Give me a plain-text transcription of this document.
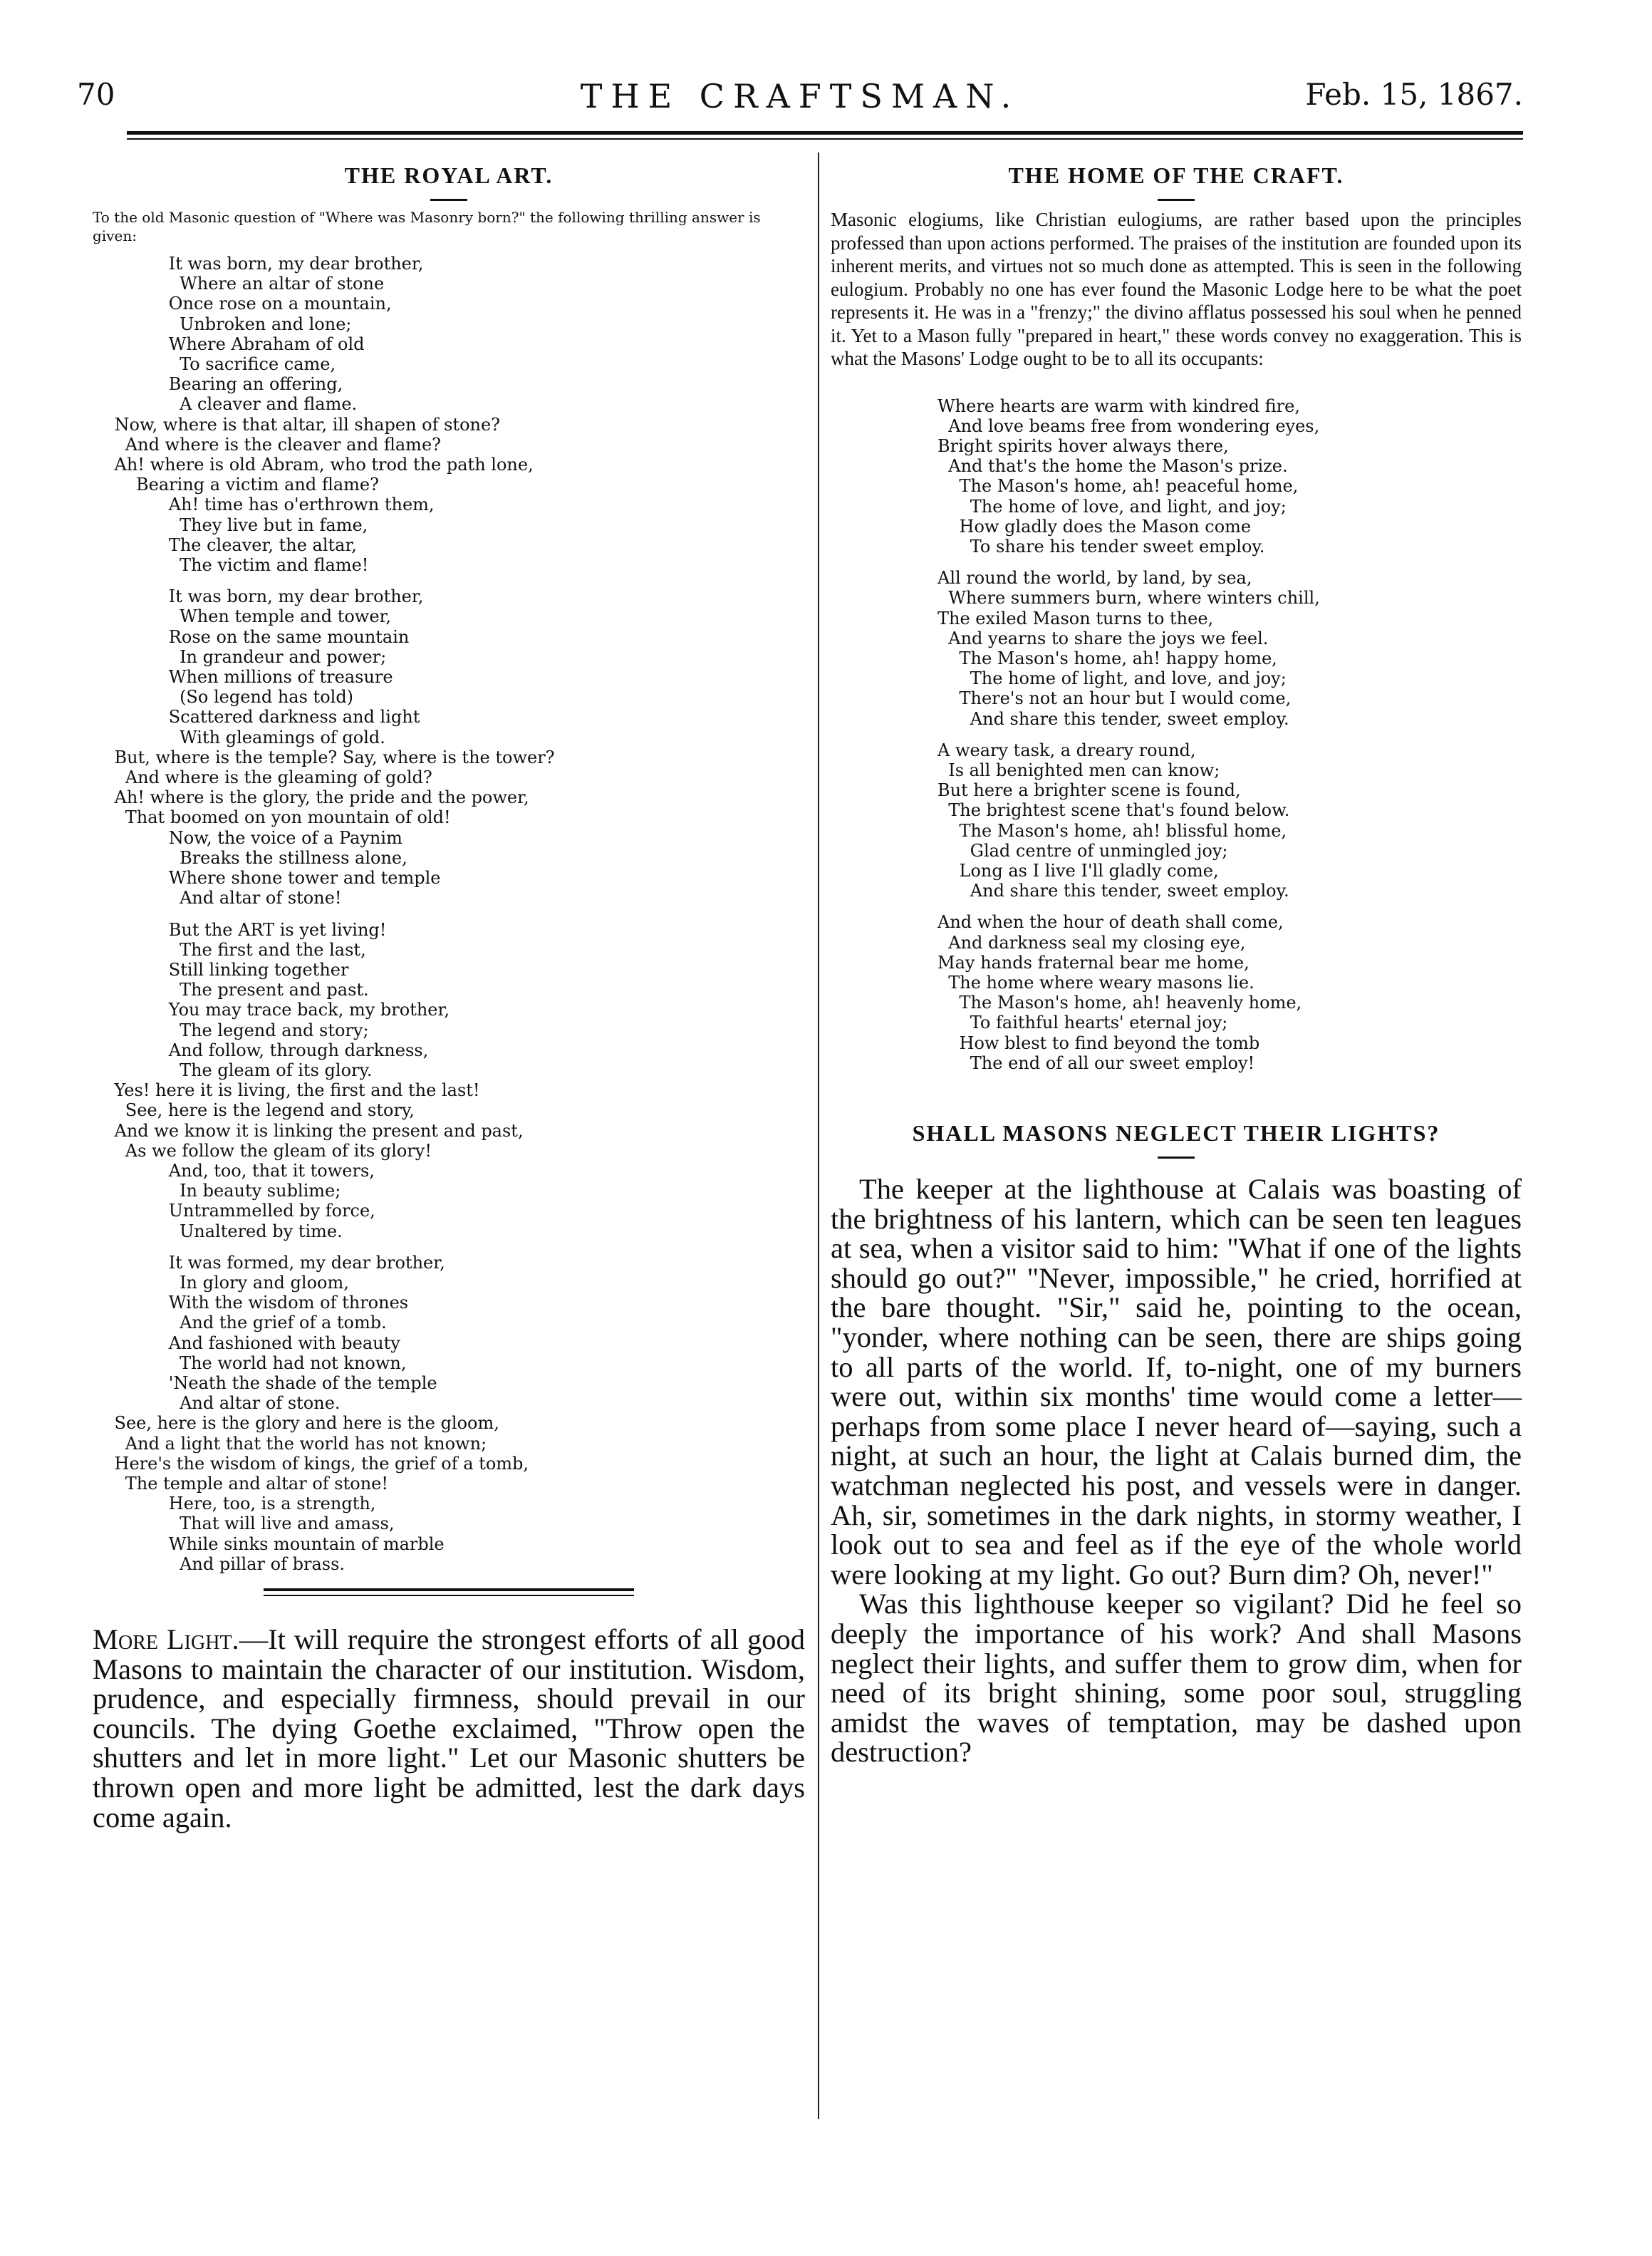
70	THE CRAFTSMAN.	Feb. 15, 1867.
THE ROYAL ART.

To the old Masonic question of "Where was Masonry born?" the following thrilling answer is given:

It was born, my dear brother,
Where an altar of stone
Once rose on a mountain,
Unbroken and lone;
Where Abraham of old
To sacrifice came,
Bearing an offering,
A cleaver and flame.
Now, where is that altar, ill shapen of stone?
And where is the cleaver and flame?
Ah! where is old Abram, who trod the path lone,
Bearing a victim and flame?
Ah! time has o'erthrown them,
They live but in fame,
The cleaver, the altar,
The victim and flame!
It was born, my dear brother,
When temple and tower,
Rose on the same mountain
In grandeur and power;
When millions of treasure
(So legend has told)
Scattered darkness and light
With gleamings of gold.
But, where is the temple? Say, where is the tower?
And where is the gleaming of gold?
Ah! where is the glory, the pride and the power,
That boomed on yon mountain of old!
Now, the voice of a Paynim
Breaks the stillness alone,
Where shone tower and temple
And altar of stone!
But the ART is yet living!
The first and the last,
Still linking together
The present and past.
You may trace back, my brother,
The legend and story;
And follow, through darkness,
The gleam of its glory.
Yes! here it is living, the first and the last!
See, here is the legend and story,
And we know it is linking the present and past,
As we follow the gleam of its glory!
And, too, that it towers,
In beauty sublime;
Untrammelled by force,
Unaltered by time.
It was formed, my dear brother,
In glory and gloom,
With the wisdom of thrones
And the grief of a tomb.
And fashioned with beauty
The world had not known,
'Neath the shade of the temple
And altar of stone.
See, here is the glory and here is the gloom,
And a light that the world has not known;
Here's the wisdom of kings, the grief of a tomb,
The temple and altar of stone!
Here, too, is a strength,
That will live and amass,
While sinks mountain of marble
And pillar of brass.

More Light.—It will require the strongest efforts of all good Masons to maintain the character of our institution. Wisdom, prudence, and especially firmness, should prevail in our councils. The dying Goethe exclaimed, "Throw open the shutters and let in more light." Let our Masonic shutters be thrown open and more light be admitted, lest the dark days come again.

THE HOME OF THE CRAFT.

Masonic elogiums, like Christian eulogiums, are rather based upon the principles professed than upon actions performed. The praises of the institution are founded upon its inherent merits, and virtues not so much done as attempted. This is seen in the following eulogium. Probably no one has ever found the Masonic Lodge here to be what the poet represents it. He was in a "frenzy;" the divino afflatus possessed his soul when he penned it. Yet to a Mason fully "prepared in heart," these words convey no exaggeration. This is what the Masons' Lodge ought to be to all its occupants:

Where hearts are warm with kindred fire,
And love beams free from wondering eyes,
Bright spirits hover always there,
And that's the home the Mason's prize.
The Mason's home, ah! peaceful home,
The home of love, and light, and joy;
How gladly does the Mason come
To share his tender sweet employ.
All round the world, by land, by sea,
Where summers burn, where winters chill,
The exiled Mason turns to thee,
And yearns to share the joys we feel.
The Mason's home, ah! happy home,
The home of light, and love, and joy;
There's not an hour but I would come,
And share this tender, sweet employ.
A weary task, a dreary round,
Is all benighted men can know;
But here a brighter scene is found,
The brightest scene that's found below.
The Mason's home, ah! blissful home,
Glad centre of unmingled joy;
Long as I live I'll gladly come,
And share this tender, sweet employ.
And when the hour of death shall come,
And darkness seal my closing eye,
May hands fraternal bear me home,
The home where weary masons lie.
The Mason's home, ah! heavenly home,
To faithful hearts' eternal joy;
How blest to find beyond the tomb
The end of all our sweet employ!
SHALL MASONS NEGLECT THEIR LIGHTS?

The keeper at the lighthouse at Calais was boasting of the brightness of his lantern, which can be seen ten leagues at sea, when a visitor said to him: "What if one of the lights should go out?" "Never, impossible," he cried, horrified at the bare thought. "Sir," said he, pointing to the ocean, "yonder, where nothing can be seen, there are ships going to all parts of the world. If, to-night, one of my burners were out, within six months' time would come a letter—perhaps from some place I never heard of—saying, such a night, at such an hour, the light at Calais burned dim, the watchman neglected his post, and vessels were in danger. Ah, sir, sometimes in the dark nights, in stormy weather, I look out to sea and feel as if the eye of the whole world were looking at my light. Go out? Burn dim? Oh, never!"

Was this lighthouse keeper so vigilant? Did he feel so deeply the importance of his work? And shall Masons neglect their lights, and suffer them to grow dim, when for need of its bright shining, some poor soul, struggling amidst the waves of temptation, may be dashed upon destruction?
